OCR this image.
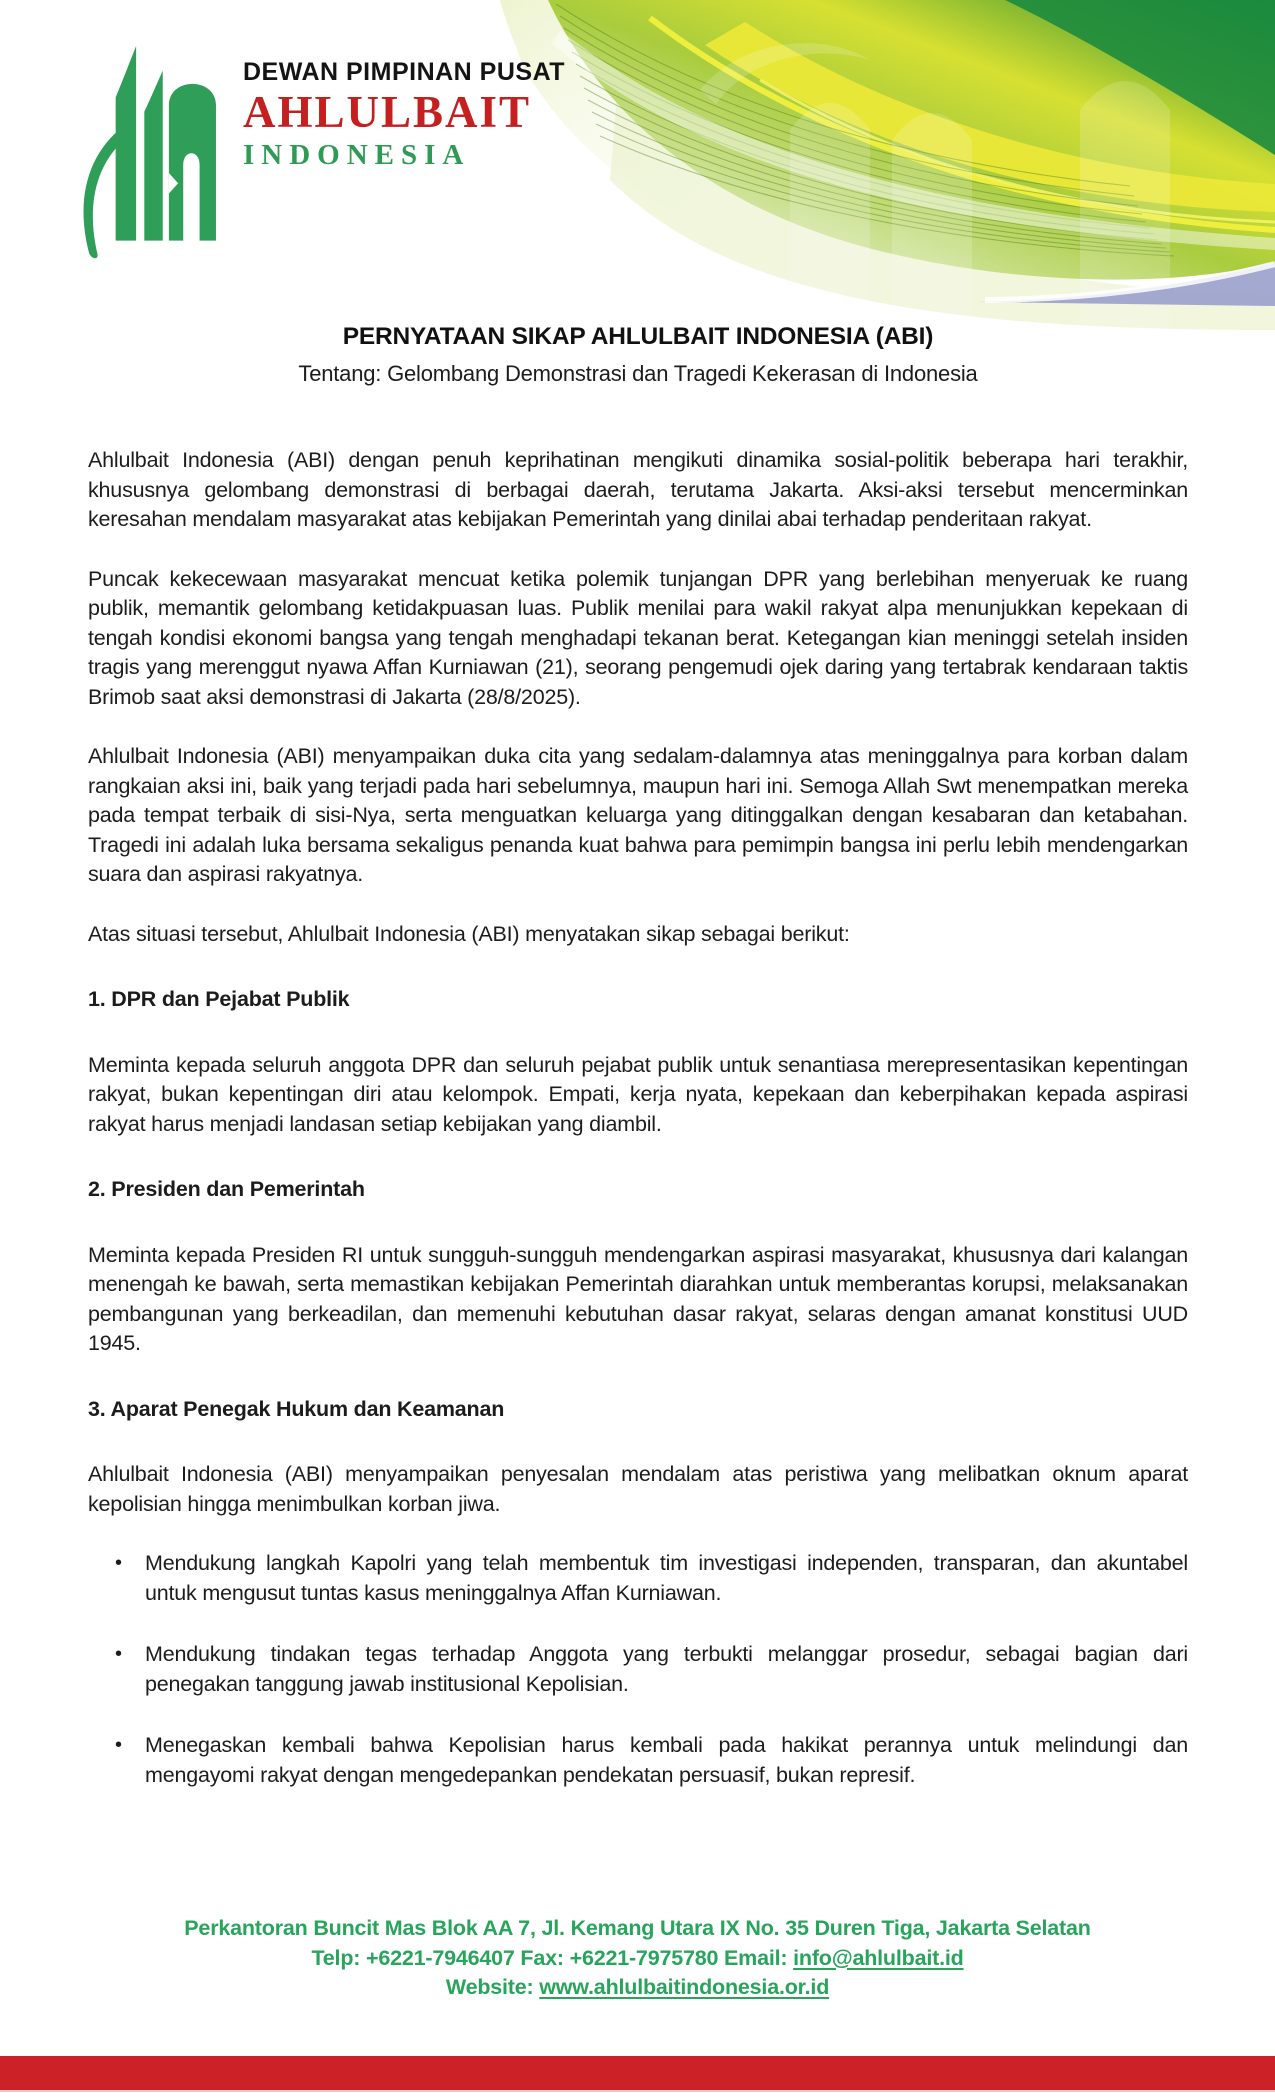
DEWAN PIMPINAN PUSAT
AHLULBAIT
INDONESIA
PERNYATAAN SIKAP AHLULBAIT INDONESIA (ABI)
Tentang: Gelombang Demonstrasi dan Tragedi Kekerasan di Indonesia

Ahlulbait Indonesia (ABI) dengan penuh keprihatinan mengikuti dinamika sosial-politik beberapa hari terakhir, khususnya gelombang demonstrasi di berbagai daerah, terutama Jakarta. Aksi-aksi tersebut mencerminkan keresahan mendalam masyarakat atas kebijakan Pemerintah yang dinilai abai terhadap penderitaan rakyat.

Puncak kekecewaan masyarakat mencuat ketika polemik tunjangan DPR yang berlebihan menyeruak ke ruang publik, memantik gelombang ketidakpuasan luas. Publik menilai para wakil rakyat alpa menunjukkan kepekaan di tengah kondisi ekonomi bangsa yang tengah menghadapi tekanan berat. Ketegangan kian meninggi setelah insiden tragis yang merenggut nyawa Affan Kurniawan (21), seorang pengemudi ojek daring yang tertabrak kendaraan taktis Brimob saat aksi demonstrasi di Jakarta (28/8/2025).

Ahlulbait Indonesia (ABI) menyampaikan duka cita yang sedalam-dalamnya atas meninggalnya para korban dalam rangkaian aksi ini, baik yang terjadi pada hari sebelumnya, maupun hari ini. Semoga Allah Swt menempatkan mereka pada tempat terbaik di sisi-Nya, serta menguatkan keluarga yang ditinggalkan dengan kesabaran dan ketabahan. Tragedi ini adalah luka bersama sekaligus penanda kuat bahwa para pemimpin bangsa ini perlu lebih mendengarkan suara dan aspirasi rakyatnya.

Atas situasi tersebut, Ahlulbait Indonesia (ABI) menyatakan sikap sebagai berikut:

1. DPR dan Pejabat Publik

Meminta kepada seluruh anggota DPR dan seluruh pejabat publik untuk senantiasa merepresentasikan kepentingan rakyat, bukan kepentingan diri atau kelompok. Empati, kerja nyata, kepekaan dan keberpihakan kepada aspirasi rakyat harus menjadi landasan setiap kebijakan yang diambil.

2. Presiden dan Pemerintah

Meminta kepada Presiden RI untuk sungguh-sungguh mendengarkan aspirasi masyarakat, khususnya dari kalangan menengah ke bawah, serta memastikan kebijakan Pemerintah diarahkan untuk memberantas korupsi, melaksanakan pembangunan yang berkeadilan, dan memenuhi kebutuhan dasar rakyat, selaras dengan amanat konstitusi UUD 1945.

3. Aparat Penegak Hukum dan Keamanan

Ahlulbait Indonesia (ABI) menyampaikan penyesalan mendalam atas peristiwa yang melibatkan oknum aparat kepolisian hingga menimbulkan korban jiwa.

• Mendukung langkah Kapolri yang telah membentuk tim investigasi independen, transparan, dan akuntabel untuk mengusut tuntas kasus meninggalnya Affan Kurniawan.
• Mendukung tindakan tegas terhadap Anggota yang terbukti melanggar prosedur, sebagai bagian dari penegakan tanggung jawab institusional Kepolisian.
• Menegaskan kembali bahwa Kepolisian harus kembali pada hakikat perannya untuk melindungi dan mengayomi rakyat dengan mengedepankan pendekatan persuasif, bukan represif.
Perkantoran Buncit Mas Blok AA 7, Jl. Kemang Utara IX No. 35 Duren Tiga, Jakarta Selatan
Telp: +6221-7946407 Fax: +6221-7975780 Email: info@ahlulbait.id
Website: www.ahlulbaitindonesia.or.id
